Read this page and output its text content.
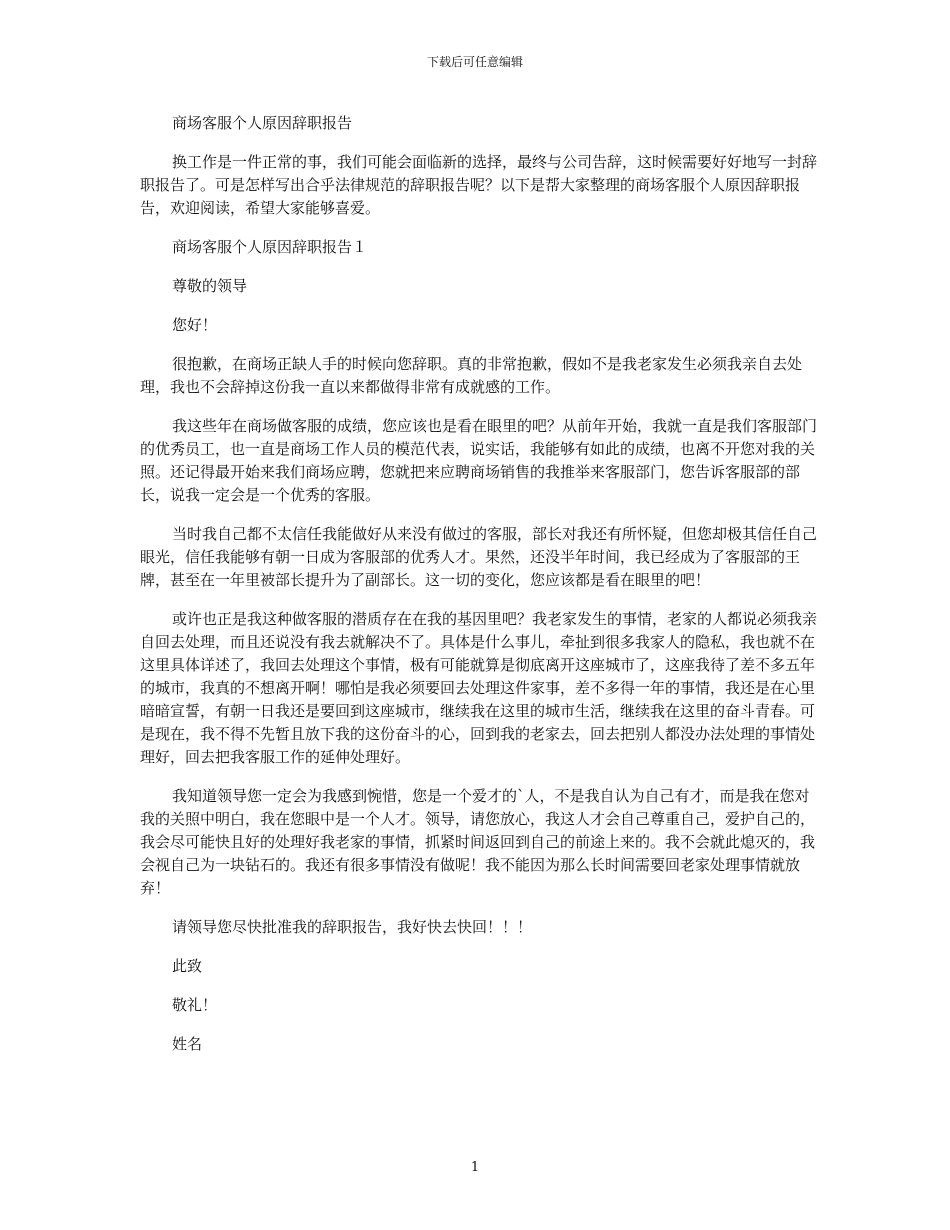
下载后可任意编辑

商场客服个人原因辞职报告

换工作是一件正常的事，我们可能会面临新的选择，最终与公司告辞，这时候需要好好地写一封辞职报告了。可是怎样写出合乎法律规范的辞职报告呢？以下是帮大家整理的商场客服个人原因辞职报告，欢迎阅读，希望大家能够喜爱。

商场客服个人原因辞职报告１

尊敬的领导

您好！

很抱歉，在商场正缺人手的时候向您辞职。真的非常抱歉，假如不是我老家发生必须我亲自去处理，我也不会辞掉这份我一直以来都做得非常有成就感的工作。

我这些年在商场做客服的成绩，您应该也是看在眼里的吧？从前年开始，我就一直是我们客服部门的优秀员工，也一直是商场工作人员的模范代表，说实话，我能够有如此的成绩，也离不开您对我的关照。还记得最开始来我们商场应聘，您就把来应聘商场销售的我推举来客服部门，您告诉客服部的部长，说我一定会是一个优秀的客服。

当时我自己都不太信任我能做好从来没有做过的客服，部长对我还有所怀疑，但您却极其信任自己眼光，信任我能够有朝一日成为客服部的优秀人才。果然，还没半年时间，我已经成为了客服部的王牌，甚至在一年里被部长提升为了副部长。这一切的变化，您应该都是看在眼里的吧！

或许也正是我这种做客服的潜质存在在我的基因里吧？我老家发生的事情，老家的人都说必须我亲自回去处理，而且还说没有我去就解决不了。具体是什么事儿，牵扯到很多我家人的隐私，我也就不在这里具体详述了，我回去处理这个事情，极有可能就算是彻底离开这座城市了，这座我待了差不多五年的城市，我真的不想离开啊！哪怕是我必须要回去处理这件家事，差不多得一年的事情，我还是在心里暗暗宣誓，有朝一日我还是要回到这座城市，继续我在这里的城市生活，继续我在这里的奋斗青春。可是现在，我不得不先暂且放下我的这份奋斗的心，回到我的老家去，回去把别人都没办法处理的事情处理好，回去把我客服工作的延伸处理好。

我知道领导您一定会为我感到惋惜，您是一个爱才的`人，不是我自认为自己有才，而是我在您对我的关照中明白，我在您眼中是一个人才。领导，请您放心，我这人才会自己尊重自己，爱护自己的，我会尽可能快且好的处理好我老家的事情，抓紧时间返回到自己的前途上来的。我不会就此熄灭的，我会视自己为一块钻石的。我还有很多事情没有做呢！我不能因为那么长时间需要回老家处理事情就放弃！

请领导您尽快批准我的辞职报告，我好快去快回！！！

此致

敬礼！

姓名

1
